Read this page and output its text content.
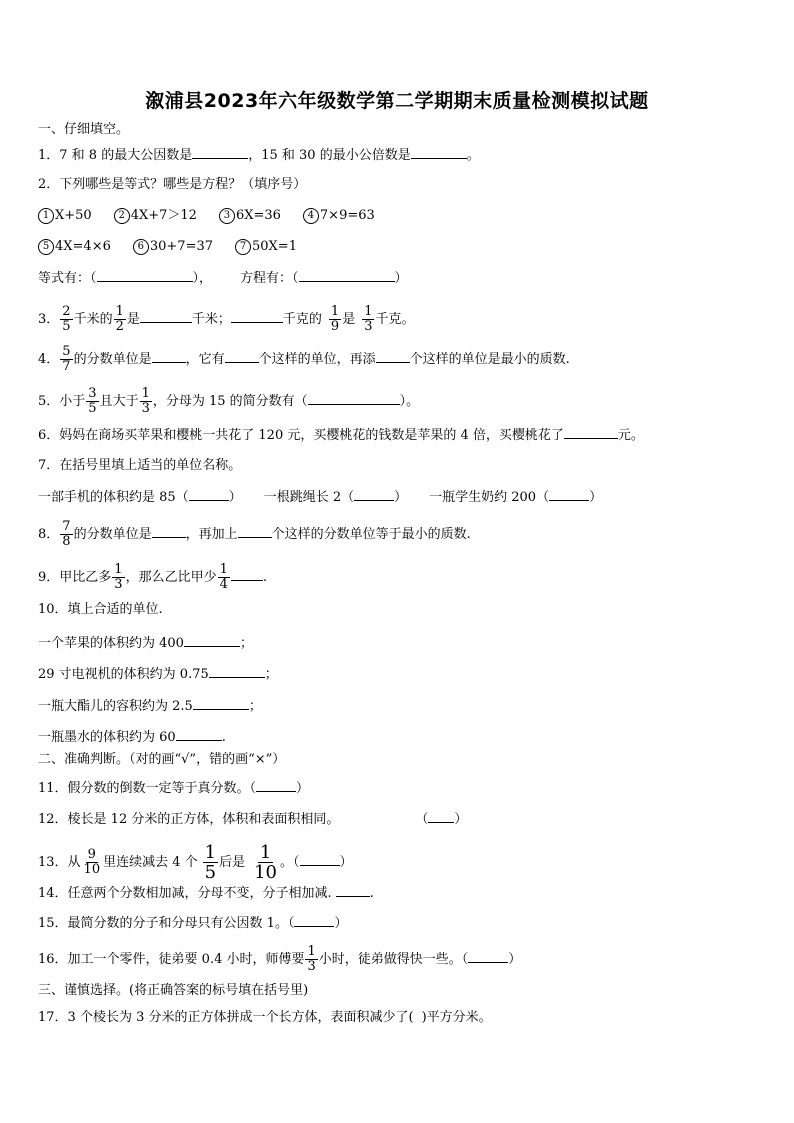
溆浦县2023年六年级数学第二学期期末质量检测模拟试题
一、仔细填空。
1．7 和 8 的最大公因数是	，15 和 30 的最小公倍数是	。
2．下列哪些是等式？哪些是方程？（填序号）
1 X+50	2 4X+7＞12	3 6X=36	4 7×9=63
5 4X=4×6	6 30+7=37	7 50X=1
等式有：（	）， 方程有：（	）
3． $\frac{2}{5}$ 千米的 $\frac{1}{2}$ 是	千米；	千克的 $\frac{1}{9}$ 是 $\frac{1}{3}$ 千克。
4． $\frac{5}{7}$ 的分数单位是	，它有	个这样的单位，再添	个这样的单位是最小的质数.
5．小于 $\frac{3}{5}$ 且大于 $\frac{1}{3}$ ，分母为 15 的简分数有（	）。
6．妈妈在商场买苹果和樱桃一共花了 120 元，买樱桃花的钱数是苹果的 4 倍，买樱桃花了	元。
7．在括号里填上适当的单位名称。
一部手机的体积约是 85（	） 一根跳绳长 2（	） 一瓶学生奶约 200（	）
8． $\frac{7}{8}$ 的分数单位是	，再加上	个这样的分数单位等于最小的质数.
9．甲比乙多 $\frac{1}{3}$ ，那么乙比甲少 $\frac{1}{4}$	.
10．填上合适的单位.
一个苹果的体积约为 400	；
29 寸电视机的体积约为 0.75	；
一瓶大酯儿的容积约为 2.5	；
一瓶墨水的体积约为 60	.
二、准确判断。（对的画“√”，错的画“×”）
11．假分数的倒数一定等于真分数。（	）
12．棱长是 12 分米的正方体，体积和表面积相同。	（ ）
13．从 $\frac{9}{10}$ 里连续减去 4 个 $\frac{1}{5}$ 后是 $\frac{1}{10}$ 。（	）
14．任意两个分数相加减，分母不变，分子相加减.	.
15．最简分数的分子和分母只有公因数 1。（	）
16．加工一个零件，徒弟要 0.4 小时，师傅要 $\frac{1}{3}$ 小时，徒弟做得快一些。（	）
三、谨慎选择。(将正确答案的标号填在括号里)
17．3 个棱长为 3 分米的正方体拼成一个长方体，表面积减少了( )平方分米。
